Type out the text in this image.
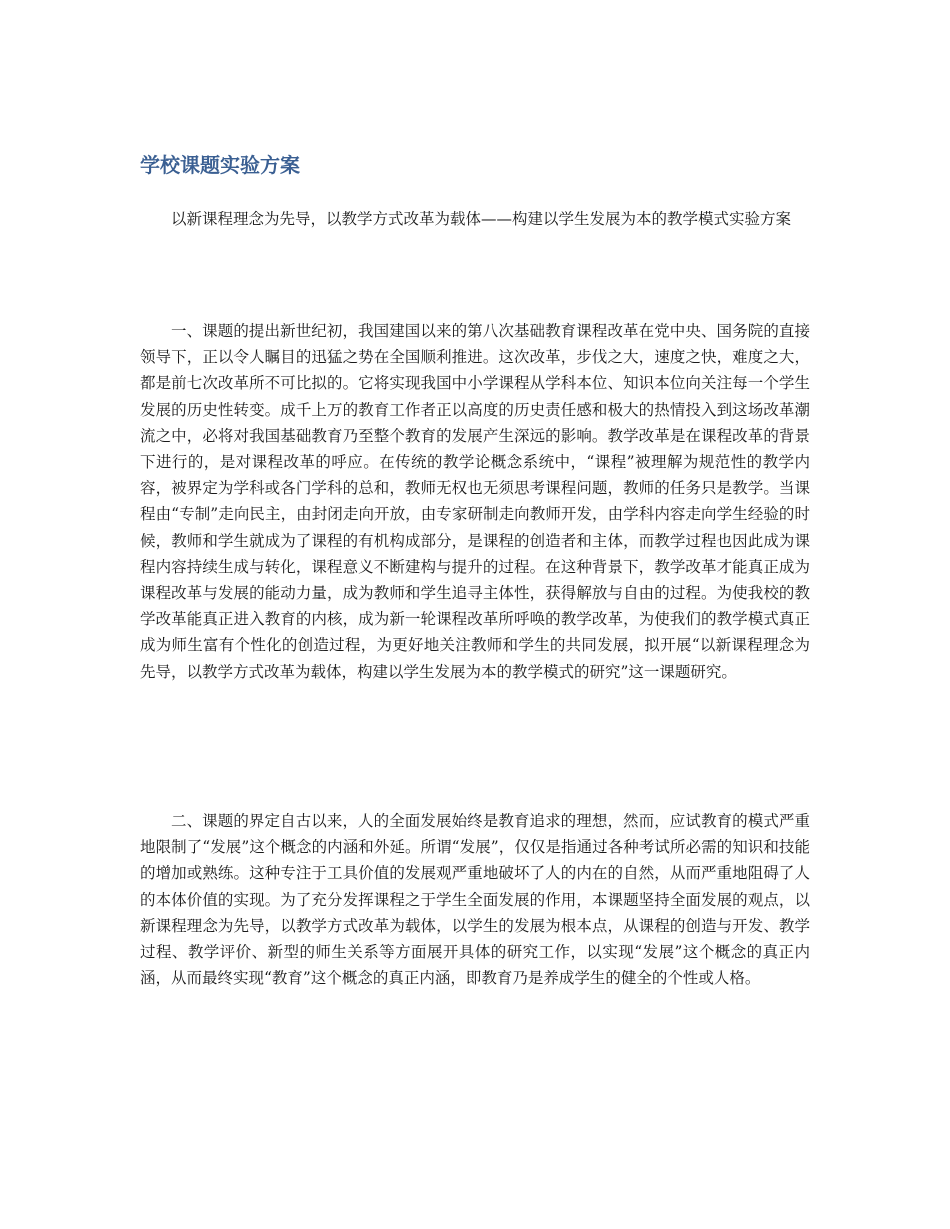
学校课题实验方案

以新课程理念为先导，以教学方式改革为载体——构建以学生发展为本的教学模式实验方案

一、课题的提出新世纪初，我国建国以来的第八次基础教育课程改革在党中央、国务院的直接领导下，正以令人瞩目的迅猛之势在全国顺利推进。这次改革，步伐之大，速度之快，难度之大，都是前七次改革所不可比拟的。它将实现我国中小学课程从学科本位、知识本位向关注每一个学生发展的历史性转变。成千上万的教育工作者正以高度的历史责任感和极大的热情投入到这场改革潮流之中，必将对我国基础教育乃至整个教育的发展产生深远的影响。教学改革是在课程改革的背景下进行的，是对课程改革的呼应。在传统的教学论概念系统中，“课程”被理解为规范性的教学内容，被界定为学科或各门学科的总和，教师无权也无须思考课程问题，教师的任务只是教学。当课程由“专制”走向民主，由封闭走向开放，由专家研制走向教师开发，由学科内容走向学生经验的时候，教师和学生就成为了课程的有机构成部分，是课程的创造者和主体，而教学过程也因此成为课程内容持续生成与转化，课程意义不断建构与提升的过程。在这种背景下，教学改革才能真正成为课程改革与发展的能动力量，成为教师和学生追寻主体性，获得解放与自由的过程。为使我校的教学改革能真正进入教育的内核，成为新一轮课程改革所呼唤的教学改革，为使我们的教学模式真正成为师生富有个性化的创造过程，为更好地关注教师和学生的共同发展，拟开展“以新课程理念为先导，以教学方式改革为载体，构建以学生发展为本的教学模式的研究”这一课题研究。

二、课题的界定自古以来，人的全面发展始终是教育追求的理想，然而，应试教育的模式严重地限制了“发展”这个概念的内涵和外延。所谓“发展”，仅仅是指通过各种考试所必需的知识和技能的增加或熟练。这种专注于工具价值的发展观严重地破坏了人的内在的自然，从而严重地阻碍了人的本体价值的实现。为了充分发挥课程之于学生全面发展的作用，本课题坚持全面发展的观点，以新课程理念为先导，以教学方式改革为载体，以学生的发展为根本点，从课程的创造与开发、教学过程、教学评价、新型的师生关系等方面展开具体的研究工作，以实现“发展”这个概念的真正内涵，从而最终实现“教育”这个概念的真正内涵，即教育乃是养成学生的健全的个性或人格。
